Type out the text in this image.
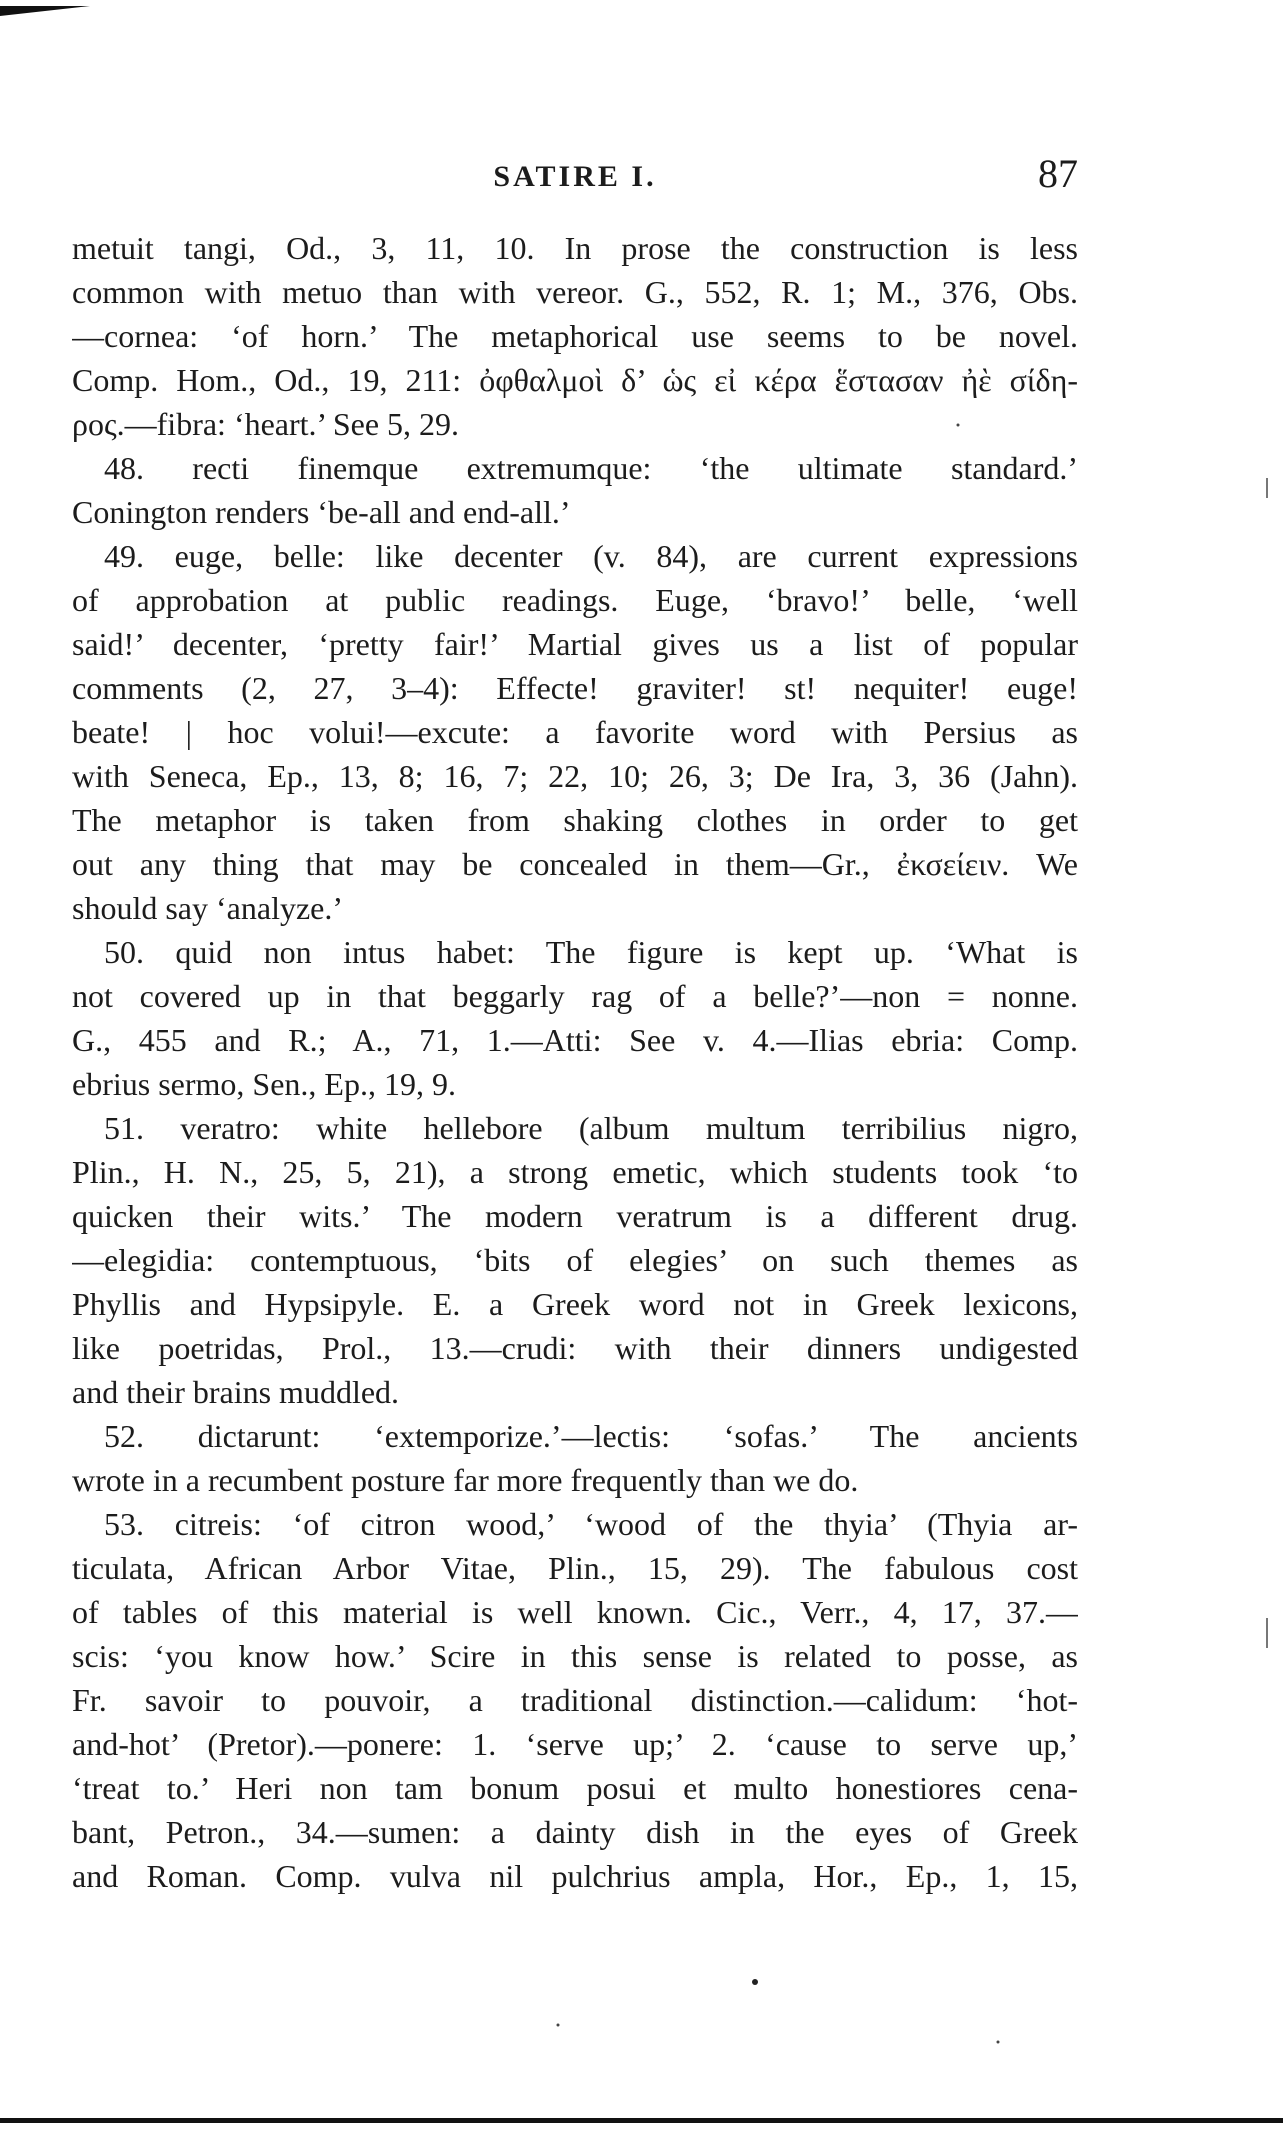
SATIRE I.	87
metuit tangi, Od., 3, 11, 10. In prose the construction is less
common with metuo than with vereor. G., 552, R. 1; M., 376, Obs.
—cornea: ‘of horn.’ The metaphorical use seems to be novel.
Comp. Hom., Od., 19, 211: ὀφθαλμοὶ δ’ ὡς εἰ κέρα ἕστασαν ἠὲ σίδη-
ρος.—fibra: ‘heart.’ See 5, 29.
48. recti finemque extremumque: ‘the ultimate standard.’
Conington renders ‘be-all and end-all.’
49. euge, belle: like decenter (v. 84), are current expressions
of approbation at public readings. Euge, ‘bravo!’ belle, ‘well
said!’ decenter, ‘pretty fair!’ Martial gives us a list of popular
comments (2, 27, 3–4): Effecte! graviter! st! nequiter! euge!
beate! | hoc volui!—excute: a favorite word with Persius as
with Seneca, Ep., 13, 8; 16, 7; 22, 10; 26, 3; De Ira, 3, 36 (Jahn).
The metaphor is taken from shaking clothes in order to get
out any thing that may be concealed in them—Gr., ἐκσείειν. We
should say ‘analyze.’
50. quid non intus habet: The figure is kept up. ‘What is
not covered up in that beggarly rag of a belle?’—non = nonne.
G., 455 and R.; A., 71, 1.—Atti: See v. 4.—Ilias ebria: Comp.
ebrius sermo, Sen., Ep., 19, 9.
51. veratro: white hellebore (album multum terribilius nigro,
Plin., H. N., 25, 5, 21), a strong emetic, which students took ‘to
quicken their wits.’ The modern veratrum is a different drug.
—elegidia: contemptuous, ‘bits of elegies’ on such themes as
Phyllis and Hypsipyle. E. a Greek word not in Greek lexicons,
like poetridas, Prol., 13.—crudi: with their dinners undigested
and their brains muddled.
52. dictarunt: ‘extemporize.’—lectis: ‘sofas.’ The ancients
wrote in a recumbent posture far more frequently than we do.
53. citreis: ‘of citron wood,’ ‘wood of the thyia’ (Thyia ar-
ticulata, African Arbor Vitae, Plin., 15, 29). The fabulous cost
of tables of this material is well known. Cic., Verr., 4, 17, 37.—
scis: ‘you know how.’ Scire in this sense is related to posse, as
Fr. savoir to pouvoir, a traditional distinction.—calidum: ‘hot-
and-hot’ (Pretor).—ponere: 1. ‘serve up;’ 2. ‘cause to serve up,’
‘treat to.’ Heri non tam bonum posui et multo honestiores cena-
bant, Petron., 34.—sumen: a dainty dish in the eyes of Greek
and Roman. Comp. vulva nil pulchrius ampla, Hor., Ep., 1, 15,
